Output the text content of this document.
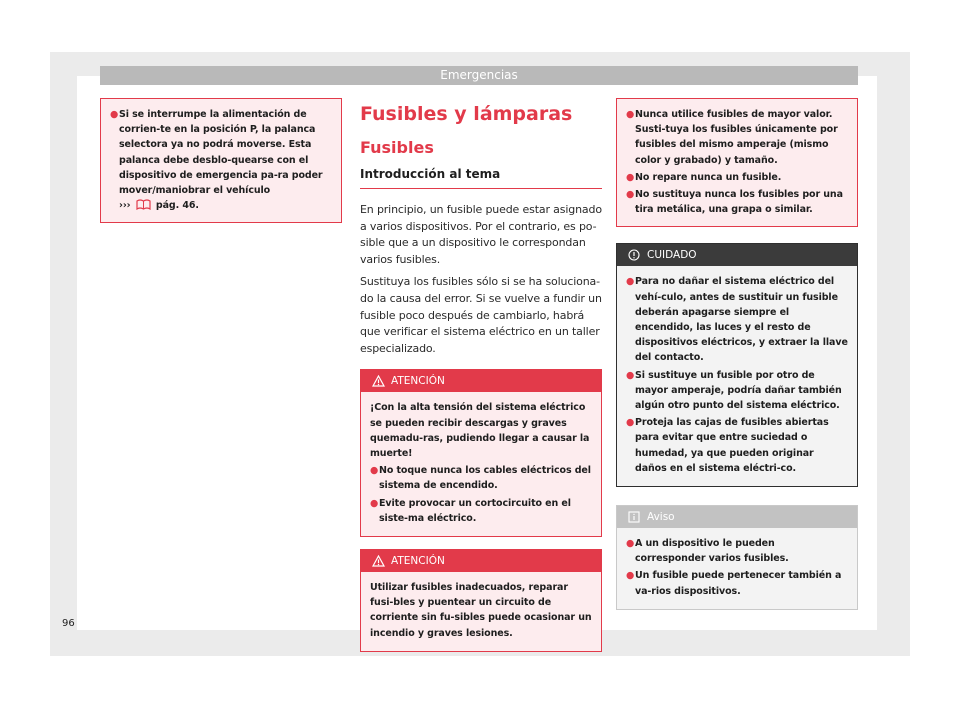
Emergencias
●Si se interrumpe la alimentación de corrien-te en la posición P, la palanca selectora ya no podrá moverse. Esta palanca debe desblo-quearse con el dispositivo de emergencia pa-ra poder mover/maniobrar el vehículo
›››	pág. 46.
Fusibles y lámparas
Fusibles
Introducción al tema

En principio, un fusible puede estar asignado a varios dispositivos. Por el contrario, es po-sible que a un dispositivo le correspondan varios fusibles.

Sustituya los fusibles sólo si se ha soluciona-do la causa del error. Si se vuelve a fundir un fusible poco después de cambiarlo, habrá que verificar el sistema eléctrico en un taller especializado.

ATENCIÓN

¡Con la alta tensión del sistema eléctrico se pueden recibir descargas y graves quemadu-ras, pudiendo llegar a causar la muerte!

●No toque nunca los cables eléctricos del sistema de encendido.
●Evite provocar un cortocircuito en el siste-ma eléctrico.
ATENCIÓN

Utilizar fusibles inadecuados, reparar fusi-bles y puentear un circuito de corriente sin fu-sibles puede ocasionar un incendio y graves lesiones.

●Nunca utilice fusibles de mayor valor. Susti-tuya los fusibles únicamente por fusibles del mismo amperaje (mismo color y grabado) y tamaño.
●No repare nunca un fusible.
●No sustituya nunca los fusibles por una tira metálica, una grapa o similar.
CUIDADO
●Para no dañar el sistema eléctrico del vehí-culo, antes de sustituir un fusible deberán apagarse siempre el encendido, las luces y el resto de dispositivos eléctricos, y extraer la llave del contacto.
●Si sustituye un fusible por otro de mayor amperaje, podría dañar también algún otro punto del sistema eléctrico.
●Proteja las cajas de fusibles abiertas para evitar que entre suciedad o humedad, ya que pueden originar daños en el sistema eléctri-co.
Aviso
●A un dispositivo le pueden corresponder varios fusibles.
●Un fusible puede pertenecer también a va-rios dispositivos.
96
